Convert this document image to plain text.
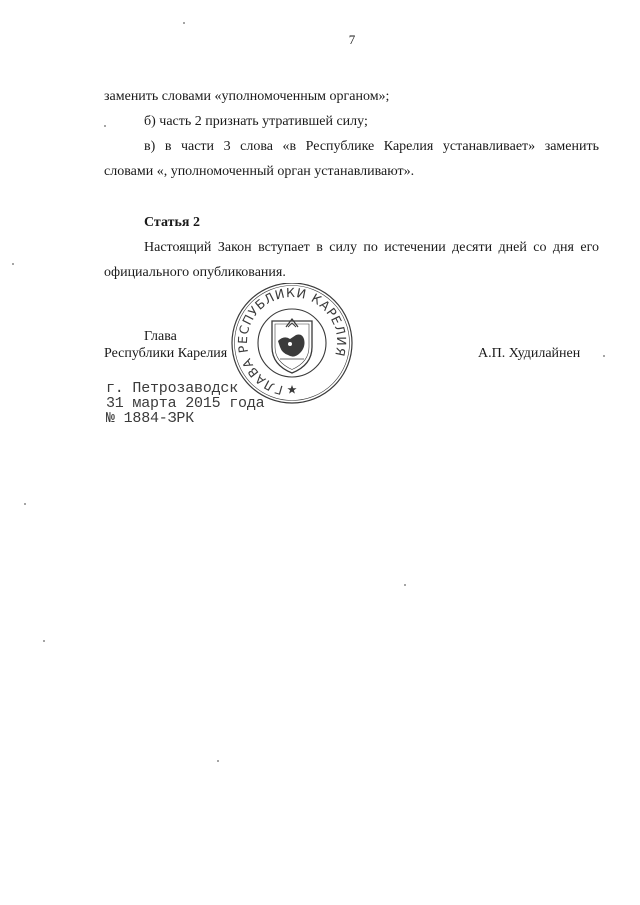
7
заменить словами «уполномоченным органом»;
б) часть 2 признать утратившей силу;
в) в части 3 слова «в Республике Карелия устанавливает» заменить
словами «, уполномоченный орган устанавливают».
Статья 2
Настоящий Закон вступает в силу по истечении десяти дней со дня его
официального опубликования.
Глава
Республики Карелия	А.П. Худилайнен
г. Петрозаводск
31 марта 2015 года
№ 1884-ЗРК
ГЛАВА РЕСПУБЛИКИ КАРЕЛИЯ
